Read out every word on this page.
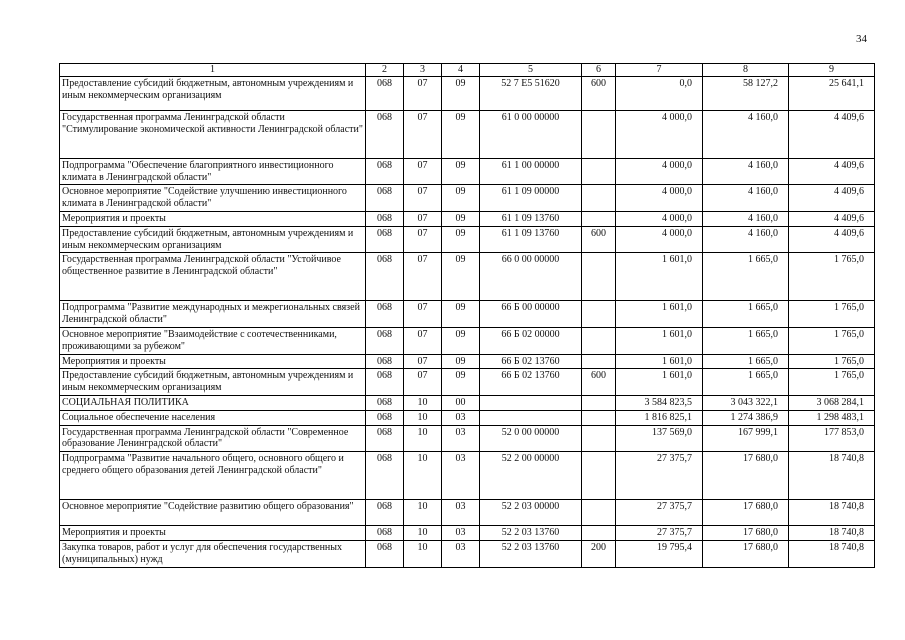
34
1	2	3	4	5	6	7	8	9
Предоставление субсидий бюджетным, автономным учреждениям и иным некоммерческим организациям	068	07	09	52 7 E5 51620	600	0,0	58 127,2	25 641,1
Государственная программа Ленинградской области "Стимулирование экономической активности Ленинградской области"	068	07	09	61 0 00 00000		4 000,0	4 160,0	4 409,6
Подпрограмма "Обеспечение благоприятного инвестиционного климата в Ленинградской области"	068	07	09	61 1 00 00000		4 000,0	4 160,0	4 409,6
Основное мероприятие "Содействие улучшению инвестиционного климата в Ленинградской области"	068	07	09	61 1 09 00000		4 000,0	4 160,0	4 409,6
Мероприятия и проекты	068	07	09	61 1 09 13760		4 000,0	4 160,0	4 409,6
Предоставление субсидий бюджетным, автономным учреждениям и иным некоммерческим организациям	068	07	09	61 1 09 13760	600	4 000,0	4 160,0	4 409,6
Государственная программа Ленинградской области "Устойчивое общественное развитие в Ленинградской области"	068	07	09	66 0 00 00000		1 601,0	1 665,0	1 765,0
Подпрограмма "Развитие международных и межрегиональных связей Ленинградской области"	068	07	09	66 Б 00 00000		1 601,0	1 665,0	1 765,0
Основное мероприятие "Взаимодействие с соотечественниками, проживающими за рубежом"	068	07	09	66 Б 02 00000		1 601,0	1 665,0	1 765,0
Мероприятия и проекты	068	07	09	66 Б 02 13760		1 601,0	1 665,0	1 765,0
Предоставление субсидий бюджетным, автономным учреждениям и иным некоммерческим организациям	068	07	09	66 Б 02 13760	600	1 601,0	1 665,0	1 765,0
СОЦИАЛЬНАЯ ПОЛИТИКА	068	10	00			3 584 823,5	3 043 322,1	3 068 284,1
Социальное обеспечение населения	068	10	03			1 816 825,1	1 274 386,9	1 298 483,1
Государственная программа Ленинградской области "Современное образование Ленинградской области"	068	10	03	52 0 00 00000		137 569,0	167 999,1	177 853,0
Подпрограмма "Развитие начального общего, основного общего и среднего общего образования детей Ленинградской области"	068	10	03	52 2 00 00000		27 375,7	17 680,0	18 740,8
Основное мероприятие "Содействие развитию общего образования"	068	10	03	52 2 03 00000		27 375,7	17 680,0	18 740,8
Мероприятия и проекты	068	10	03	52 2 03 13760		27 375,7	17 680,0	18 740,8
Закупка товаров, работ и услуг для обеспечения государственных (муниципальных) нужд	068	10	03	52 2 03 13760	200	19 795,4	17 680,0	18 740,8
